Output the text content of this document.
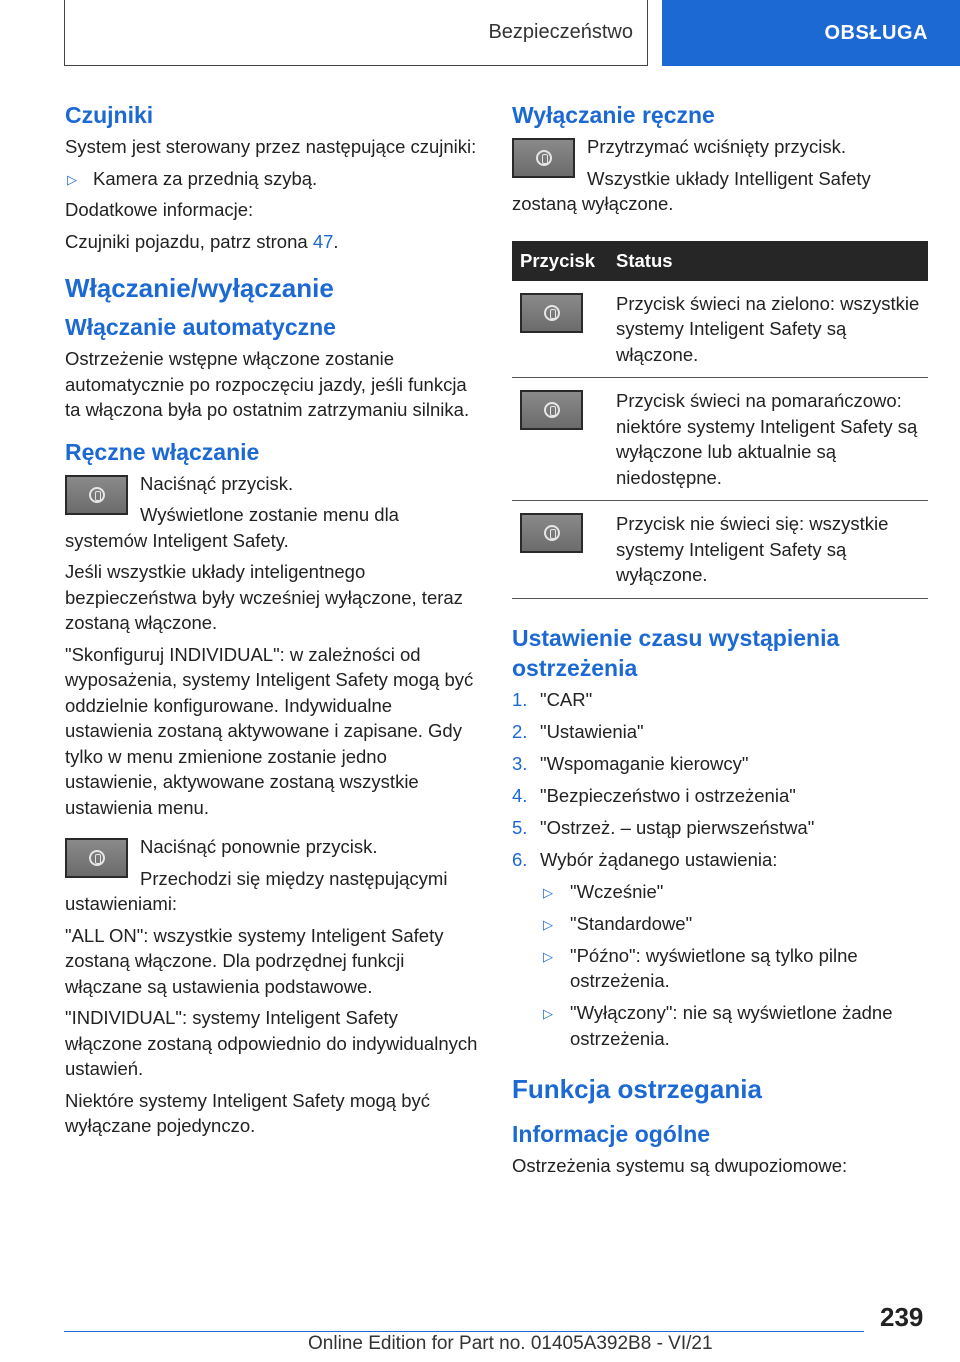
Bezpieczeństwo	OBSŁUGA
Czujniki

System jest sterowany przez następujące czujniki:

▷ Kamera za przednią szybą.

Dodatkowe informacje:

Czujniki pojazdu, patrz strona 47.

Włączanie/wyłączanie
Włączanie automatyczne

Ostrzeżenie wstępne włączone zostanie automatycznie po rozpoczęciu jazdy, jeśli funkcja ta włączona była po ostatnim zatrzymaniu silnika.

Ręczne włączanie

Naciśnąć przycisk.

Wyświetlone zostanie menu dla systemów Inteligent Safety.

Jeśli wszystkie układy inteligentnego bezpieczeństwa były wcześniej wyłączone, teraz zostaną włączone.

"Skonfiguruj INDIVIDUAL": w zależności od wyposażenia, systemy Inteligent Safety mogą być oddzielnie konfigurowane. Indywidualne ustawienia zostaną aktywowane i zapisane. Gdy tylko w menu zmienione zostanie jedno ustawienie, aktywowane zostaną wszystkie ustawienia menu.

Naciśnąć ponownie przycisk.

Przechodzi się między następującymi ustawieniami:

"ALL ON": wszystkie systemy Inteligent Safety zostaną włączone. Dla podrzędnej funkcji włączane są ustawienia podstawowe.

"INDIVIDUAL": systemy Inteligent Safety włączone zostaną odpowiednio do indywidualnych ustawień.

Niektóre systemy Inteligent Safety mogą być wyłączane pojedynczo.

Wyłączanie ręczne

Przytrzymać wciśnięty przycisk.

Wszystkie układy Intelligent Safety zostaną wyłączone.

Przycisk	Status

	Przycisk świeci na zielono: wszystkie systemy Inteligent Safety są włączone.

	Przycisk świeci na pomarańczowo: niektóre systemy Inteligent Safety są wyłączone lub aktualnie są niedostępne.

	Przycisk nie świeci się: wszystkie systemy Inteligent Safety są wyłączone.
Ustawienie czasu wystąpienia ostrzeżenia
1. "CAR"
2. "Ustawienia"
3. "Wspomaganie kierowcy"
4. "Bezpieczeństwo i ostrzeżenia"
5. "Ostrzeż. – ustąp pierwszeństwa"
6. Wybór żądanego ustawienia:
▷ "Wcześnie"
▷ "Standardowe"
▷ "Późno": wyświetlone są tylko pilne ostrzeżenia.
▷ "Wyłączony": nie są wyświetlone żadne ostrzeżenia.
Funkcja ostrzegania
Informacje ogólne

Ostrzeżenia systemu są dwupoziomowe:

239
Online Edition for Part no. 01405A392B8 - VI/21
